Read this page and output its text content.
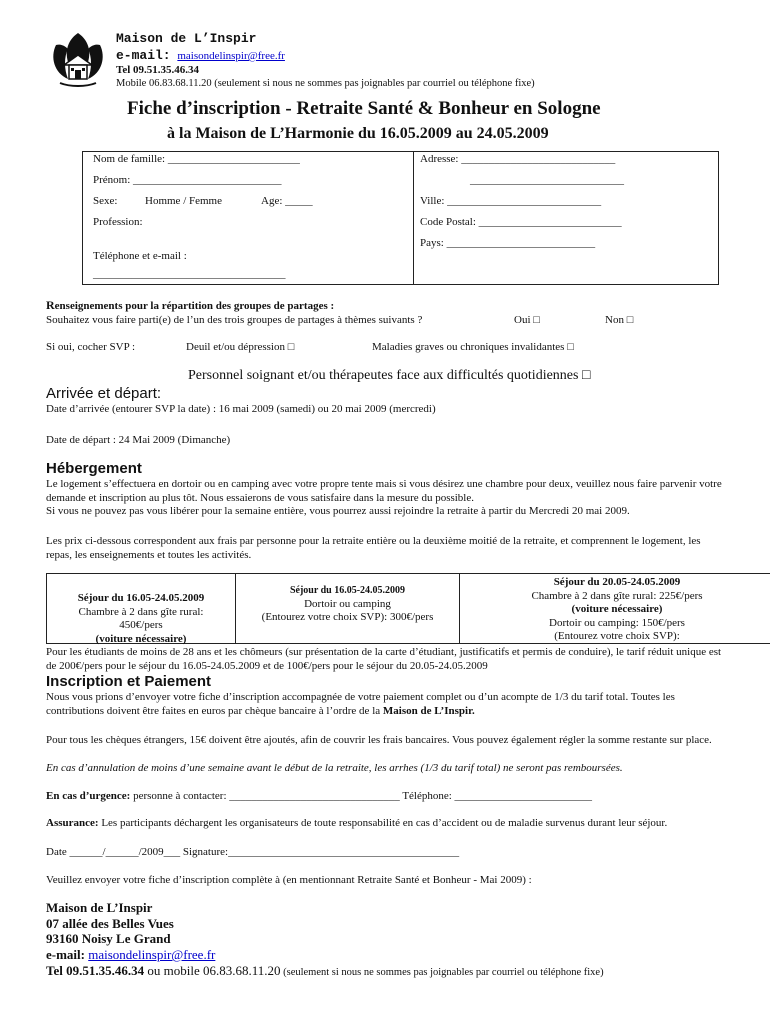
Maison de L’Inspir
e-mail: maisondelinspir@free.fr
Tel 09.51.35.46.34
Mobile 06.83.68.11.20 (seulement si nous ne sommes pas joignables par courriel ou téléphone fixe)
Fiche d’inscription - Retraite Santé & Bonheur en Sologne
à la Maison de L’Harmonie du 16.05.2009 au 24.05.2009
Nom de famille: ________________________
Prénom: ___________________________
Sexe:	Homme / Femme	Age: _____
Profession:
Téléphone et e-mail :
___________________________________
Adresse: ____________________________
____________________________
Ville: ____________________________
Code Postal: __________________________
Pays: ___________________________
Renseignements pour la répartition des groupes de partages :
Souhaitez vous faire parti(e) de l’un des trois groupes de partages à thèmes suivants ?	Oui □	Non □
Si oui, cocher SVP :	Deuil et/ou dépression □	Maladies graves ou chroniques invalidantes □
Personnel soignant et/ou thérapeutes face aux difficultés quotidiennes □
Arrivée et départ:
Date d’arrivée (entourer SVP la date) : 16 mai 2009 (samedi) ou 20 mai 2009 (mercredi)
Date de départ : 24 Mai 2009 (Dimanche)
Hébergement
Le logement s’effectuera en dortoir ou en camping avec votre propre tente mais si vous désirez une chambre pour deux, veuillez nous faire parvenir votre demande et inscription au plus tôt. Nous essaierons de vous satisfaire dans la mesure du possible.
Si vous ne pouvez pas vous libérer pour la semaine entière, vous pourrez aussi rejoindre la retraite à partir du Mercredi 20 mai 2009.
Les prix ci-dessous correspondent aux frais par personne pour la retraite entière ou la deuxième moitié de la retraite, et comprennent le logement, les repas, les enseignements et toutes les activités.
Séjour du 16.05-24.05.2009
Chambre à 2 dans gîte rural:
450€/pers
(voiture nécessaire)
Séjour du 16.05-24.05.2009
Dortoir ou camping
(Entourez votre choix SVP): 300€/pers
Séjour du 20.05-24.05.2009
Chambre à 2 dans gîte rural: 225€/pers
(voiture nécessaire)
Dortoir ou camping: 150€/pers
(Entourez votre choix SVP):
Pour les étudiants de moins de 28 ans et les chômeurs (sur présentation de la carte d’étudiant, justificatifs et permis de conduire), le tarif réduit unique est de 200€/pers pour le séjour du 16.05-24.05.2009 et de 100€/pers pour le séjour du 20.05-24.05.2009
Inscription et Paiement
Nous vous prions d’envoyer votre fiche d’inscription accompagnée de votre paiement complet ou d’un acompte de 1/3 du tarif total. Toutes les contributions doivent être faites en euros par chèque bancaire à l’ordre de la Maison de L’Inspir.
Pour tous les chèques étrangers, 15€ doivent être ajoutés, afin de couvrir les frais bancaires. Vous pouvez également régler la somme restante sur place.
En cas d’annulation de moins d’une semaine avant le début de la retraite, les arrhes (1/3 du tarif total) ne seront pas remboursées.
En cas d’urgence: personne à contacter: _______________________________ Téléphone: _________________________
Assurance: Les participants déchargent les organisateurs de toute responsabilité en cas d’accident ou de maladie survenus durant leur séjour.
Date ______/______/2009___ Signature:__________________________________________
Veuillez envoyer votre fiche d’inscription complète à (en mentionnant Retraite Santé et Bonheur - Mai 2009) :
Maison de L’Inspir
07 allée des Belles Vues
93160 Noisy Le Grand
e-mail: maisondelinspir@free.fr
Tel 09.51.35.46.34 ou mobile 06.83.68.11.20 (seulement si nous ne sommes pas joignables par courriel ou téléphone fixe)
